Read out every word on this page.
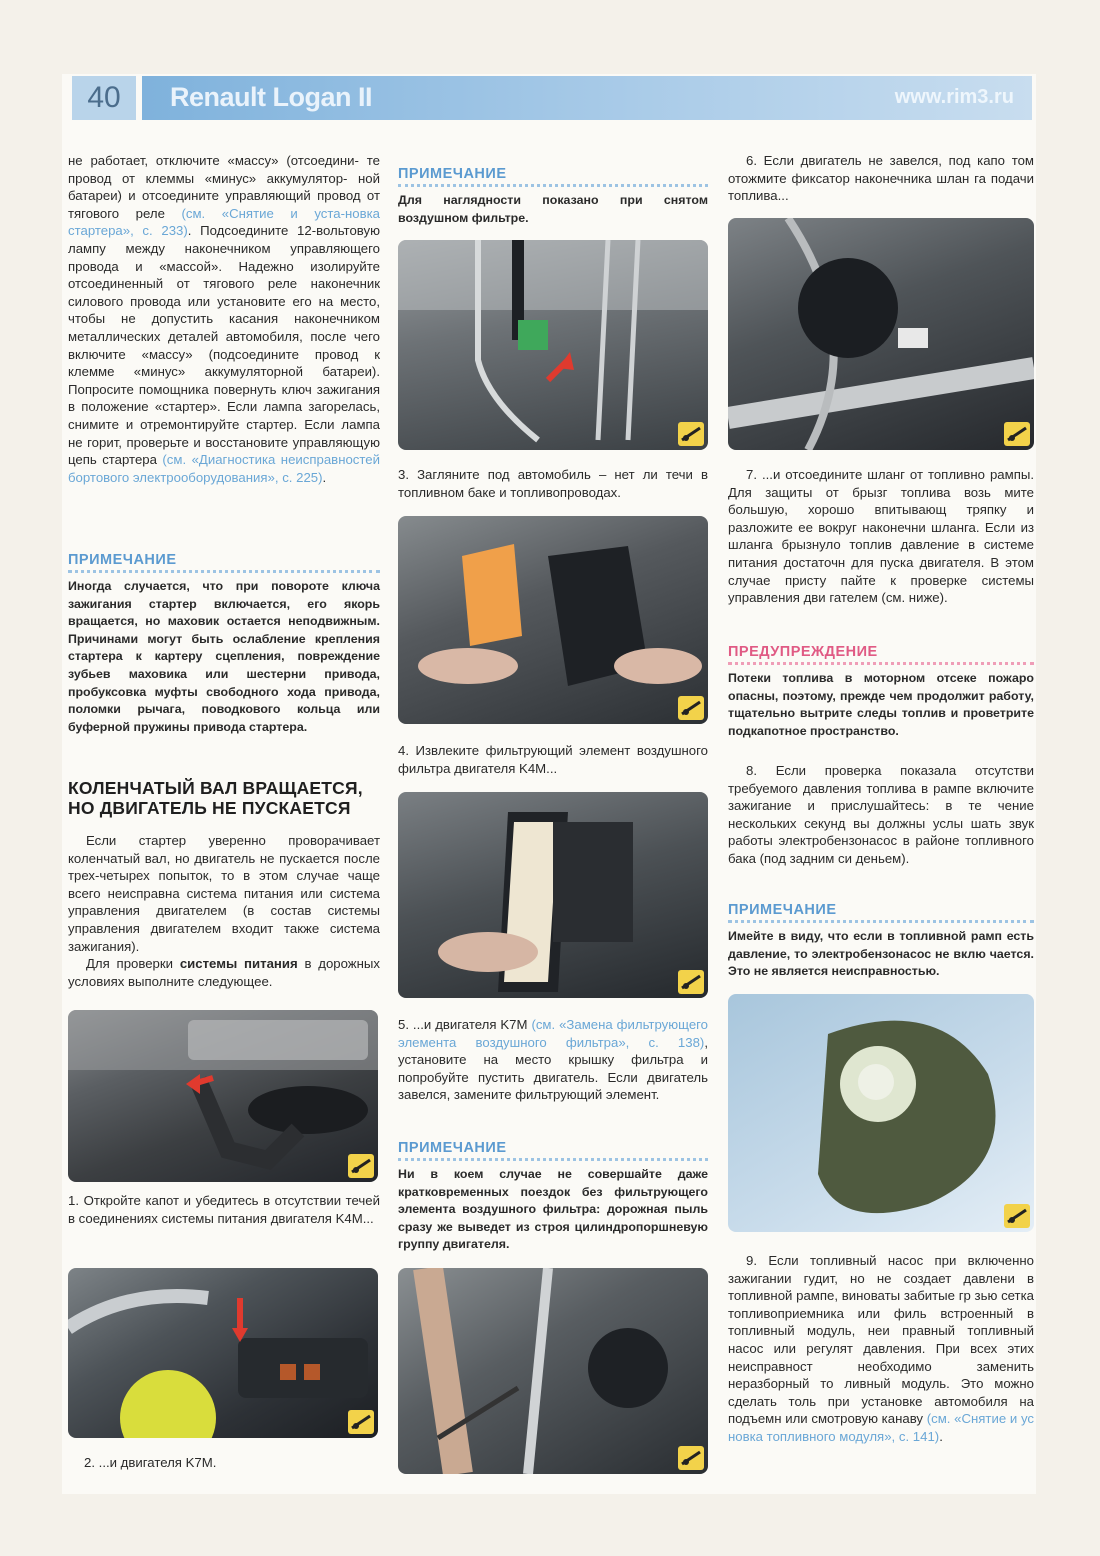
40	Renault Logan II	www.rim3.ru

не работает, отключите «массу» (отсоедини- те провод от клеммы «минус» аккумулятор- ной батареи) и отсоедините управляющий провод от тягового реле (см. «Снятие и уста-новка стартера», с. 233). Подсоедините 12-вольтовую лампу между наконечником управляющего провода и «массой». Надежно изолируйте отсоединенный от тягового реле наконечник силового провода или установите его на место, чтобы не допустить касания наконечником металлических деталей автомобиля, после чего включите «массу» (подсоедините провод к клемме «минус» аккумуляторной батареи). Попросите помощника повернуть ключ зажигания в положение «стартер». Если лампа загорелась, снимите и отремонтируйте стартер. Если лампа не горит, проверьте и восстановите управляющую цепь стартера (см. «Диагностика неисправностей бортового электрооборудования», с. 225).

ПРИМЕЧАНИЕ

Иногда случается, что при повороте ключа зажигания стартер включается, его якорь вращается, но маховик остается неподвижным. Причинами могут быть ослабление крепления стартера к картеру сцепления, повреждение зубьев маховика или шестерни привода, пробуксовка муфты свободного хода привода, поломки рычага, поводкового кольца или буферной пружины привода стартера.

КОЛЕНЧАТЫЙ ВАЛ ВРАЩАЕТСЯ,

НО ДВИГАТЕЛЬ НЕ ПУСКАЕТСЯ

Если стартер уверенно проворачивает коленчатый вал, но двигатель не пускается после трех-четырех попыток, то в этом случае чаще всего неисправна система питания или система управления двигателем (в состав системы управления двигателем входит также система зажигания).

Для проверки системы питания в дорожных условиях выполните следующее.

1. Откройте капот и убедитесь в отсутствии течей в соединениях системы питания двигателя K4M...

2. ...и двигателя K7M.

ПРИМЕЧАНИЕ

Для наглядности показано при снятом воздушном фильтре.

3. Загляните под автомобиль – нет ли течи в топливном баке и топливопроводах.

4. Извлеките фильтрующий элемент воздушного фильтра двигателя K4M...

5. ...и двигателя K7M (см. «Замена фильтрующего элемента воздушного фильтра», с. 138), установите на место крышку фильтра и попробуйте пустить двигатель. Если двигатель завелся, замените фильтрующий элемент.

ПРИМЕЧАНИЕ

Ни в коем случае не совершайте даже кратковременных поездок без фильтрующего элемента воздушного фильтра: дорожная пыль сразу же выведет из строя цилиндропоршневую группу двигателя.

6. Если двигатель не завелся, под капо том отожмите фиксатор наконечника шлан га подачи топлива...

7. ...и отсоедините шланг от топливно рампы. Для защиты от брызг топлива возь мите большую, хорошо впитывающ тряпку и разложите ее вокруг наконечни шланга. Если из шланга брызнуло топлив давление в системе питания достаточн для пуска двигателя. В этом случае присту пайте к проверке системы управления дви гателем (см. ниже).

ПРЕДУПРЕЖДЕНИЕ

Потеки топлива в моторном отсеке пожаро опасны, поэтому, прежде чем продолжит работу, тщательно вытрите следы топлив и проветрите подкапотное пространство.

8. Если проверка показала отсутстви требуемого давления топлива в рампе включите зажигание и прислушайтесь: в те чение нескольких секунд вы должны услы шать звук работы электробензонасос в районе топливного бака (под задним си деньем).

ПРИМЕЧАНИЕ

Имейте в виду, что если в топливной рамп есть давление, то электробензонасос не вклю чается. Это не является неисправностью.

9. Если топливный насос при включенно зажигании гудит, но не создает давлени в топливной рампе, виноваты забитые гр зью сетка топливоприемника или филь встроенный в топливный модуль, неи правный топливный насос или регулят давления. При всех этих неисправност необходимо заменить неразборный то ливный модуль. Это можно сделать толь при установке автомобиля на подъемн или смотровую канаву (см. «Снятие и ус новка топливного модуля», с. 141).
